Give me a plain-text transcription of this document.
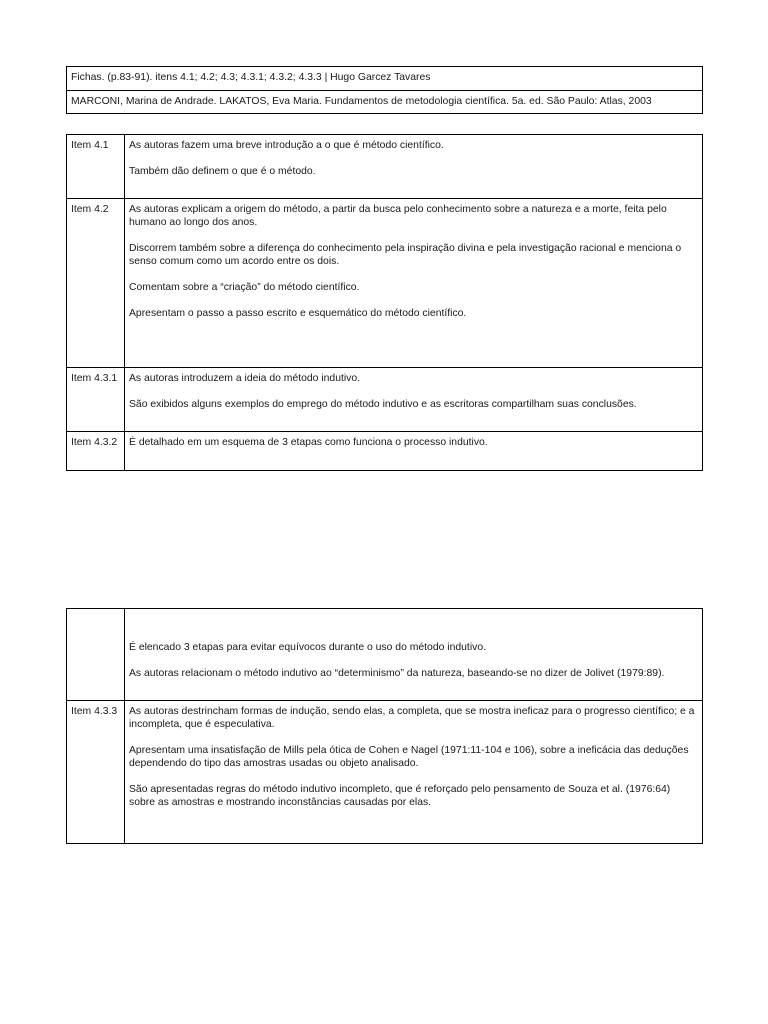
Fichas. (p.83-91). itens 4.1; 4.2; 4.3; 4.3.1; 4.3.2; 4.3.3 | Hugo Garcez Tavares
MARCONI, Marina de Andrade. LAKATOS, Eva Maria. Fundamentos de metodologia científica. 5a. ed. São Paulo: Atlas, 2003
Item 4.1	As autoras fazem uma breve introdução a o que é método científico.

Também dão definem o que é o método.

Item 4.2	As autoras explicam a origem do método, a partir da busca pelo conhecimento sobre a natureza e a morte, feita pelo humano ao longo dos anos.

Discorrem também sobre a diferença do conhecimento pela inspiração divina e pela investigação racional e menciona o senso comum como um acordo entre os dois.

Comentam sobre a “criação” do método científico.

Apresentam o passo a passo escrito e esquemático do método científico.

Item 4.3.1	As autoras introduzem a ideia do método indutivo.

São exibidos alguns exemplos do emprego do método indutivo e as escritoras compartilham suas conclusões.

Item 4.3.2	É detalhado em um esquema de 3 etapas como funciona o processo indutivo.

	É elencado 3 etapas para evitar equívocos durante o uso do método indutivo.

As autoras relacionam o método indutivo ao “determinismo” da natureza, baseando-se no dizer de Jolivet (1979:89).

Item 4.3.3	As autoras destrincham formas de indução, sendo elas, a completa, que se mostra ineficaz para o progresso científico; e a incompleta, que é especulativa.

Apresentam uma insatisfação de Mills pela ótica de Cohen e Nagel (1971:11-104 e 106), sobre a ineficácia das deduções dependendo do tipo das amostras usadas ou objeto analisado.

São apresentadas regras do método indutivo incompleto, que é reforçado pelo pensamento de Souza et al. (1976:64) sobre as amostras e mostrando inconstâncias causadas por elas.
